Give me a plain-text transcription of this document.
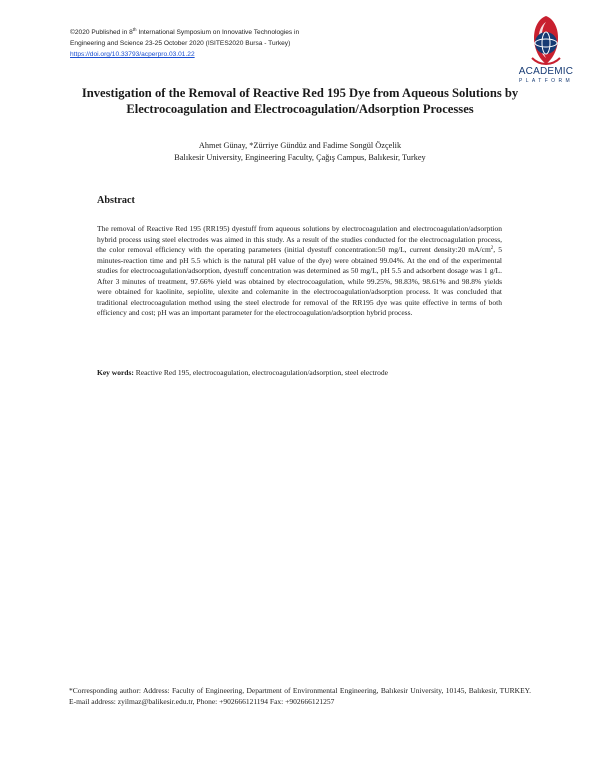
©2020 Published in 8th International Symposium on Innovative Technologies in
Engineering and Science 23-25 October 2020 (ISITES2020 Bursa - Turkey)
https://doi.org/10.33793/acperpro.03.01.22
ACADEMIC
PLATFORM
Investigation of the Removal of Reactive Red 195 Dye from Aqueous Solutions by Electrocoagulation and Electrocoagulation/Adsorption Processes
Ahmet Günay, *Zürriye Gündüz and Fadime Songül Özçelik
Balıkesir University, Engineering Faculty, Çağış Campus, Balıkesir, Turkey
Abstract

The removal of Reactive Red 195 (RR195) dyestuff from aqueous solutions by electrocoagulation and electrocoagulation/adsorption hybrid process using steel electrodes was aimed in this study. As a result of the studies conducted for the electrocoagulation process, the color removal efficiency with the operating parameters (initial dyestuff concentration:50 mg/L, current density:20 $mA/cm^2$, 5 minutes-reaction time and pH 5.5 which is the natural pH value of the dye) were obtained 99.04%. At the end of the experimental studies for electrocoagulation/adsorption, dyestuff concentration was determined as 50 mg/L, pH 5.5 and adsorbent dosage was 1 g/L. After 3 minutes of treatment, 97.66% yield was obtained by electrocoagulation, while 99.25%, 98.83%, 98.61% and 98.8% yields were obtained for kaolinite, sepiolite, ulexite and colemanite in the electrocoagulation/adsorption process. It was concluded that traditional electrocoagulation method using the steel electrode for removal of the RR195 dye was quite effective in terms of both efficiency and cost; pH was an important parameter for the electrocoagulation/adsorption hybrid process.

Key words: Reactive Red 195, electrocoagulation, electrocoagulation/adsorption, steel electrode

*Corresponding author: Address: Faculty of Engineering, Department of Environmental Engineering, Balıkesir University, 10145, Balıkesir, TURKEY. E-mail address: zyilmaz@balikesir.edu.tr, Phone: +902666121194 Fax: +902666121257
